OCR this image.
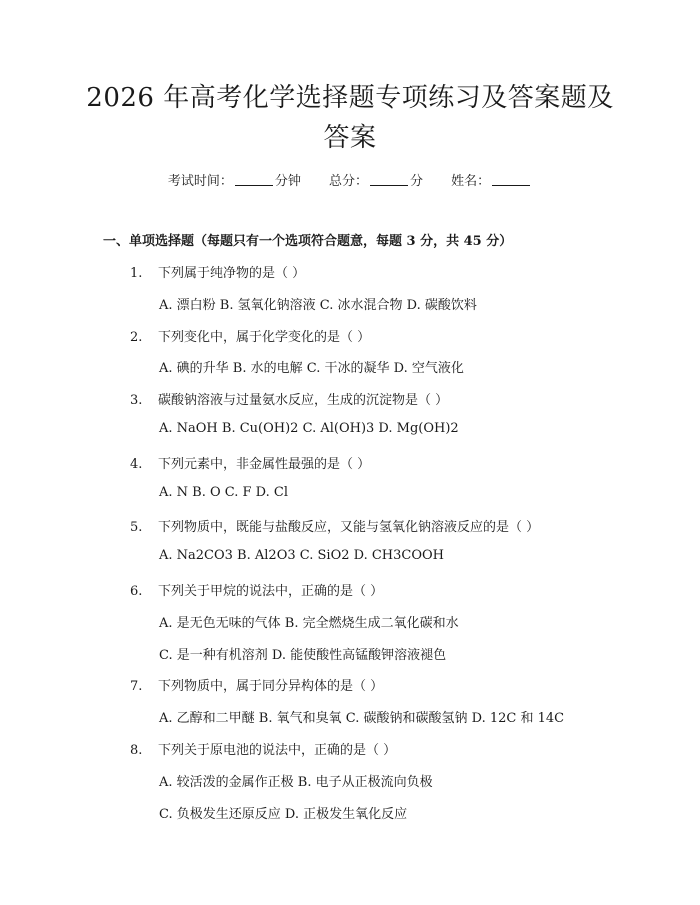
2026 年高考化学选择题专项练习及答案题及
答案
考试时间：	分钟 总分：	分 姓名：
一、单项选择题（每题只有一个选项符合题意，每题 3 分，共 45 分）
1. 下列属于纯净物的是（ ）
A. 漂白粉 B. 氢氧化钠溶液 C. 冰水混合物 D. 碳酸饮料
2. 下列变化中，属于化学变化的是（ ）
A. 碘的升华 B. 水的电解 C. 干冰的凝华 D. 空气液化
3. 碳酸钠溶液与过量氨水反应，生成的沉淀物是（ ）
A. NaOH B. Cu(OH)2 C. Al(OH)3 D. Mg(OH)2
4. 下列元素中，非金属性最强的是（ ）
A. N B. O C. F D. Cl
5. 下列物质中，既能与盐酸反应，又能与氢氧化钠溶液反应的是（ ）
A. Na2CO3 B. Al2O3 C. SiO2 D. CH3COOH
6. 下列关于甲烷的说法中，正确的是（ ）
A. 是无色无味的气体 B. 完全燃烧生成二氧化碳和水
C. 是一种有机溶剂 D. 能使酸性高锰酸钾溶液褪色
7. 下列物质中，属于同分异构体的是（ ）
A. 乙醇和二甲醚 B. 氧气和臭氧 C. 碳酸钠和碳酸氢钠 D. 12C 和 14C
8. 下列关于原电池的说法中，正确的是（ ）
A. 较活泼的金属作正极 B. 电子从正极流向负极
C. 负极发生还原反应 D. 正极发生氧化反应
